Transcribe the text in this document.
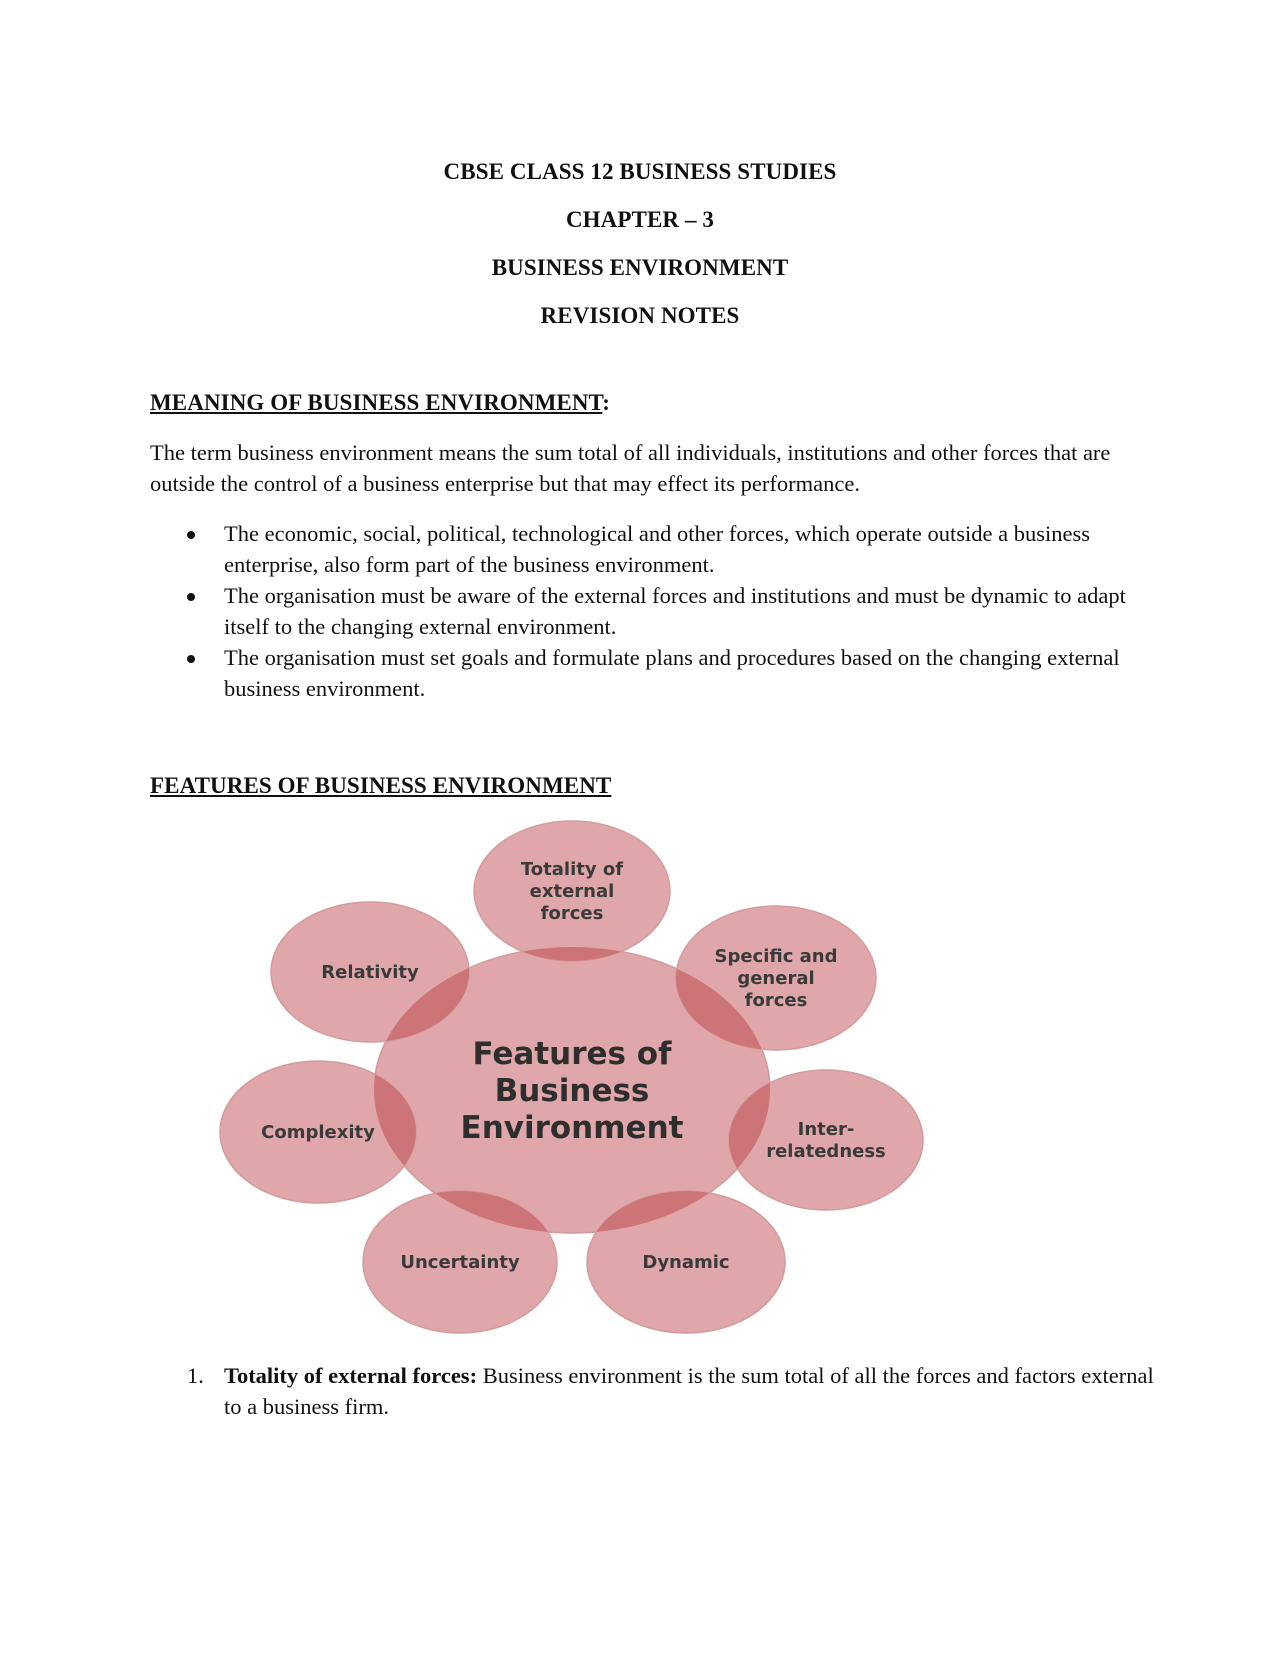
CBSE CLASS 12 BUSINESS STUDIES
CHAPTER – 3
BUSINESS ENVIRONMENT
REVISION NOTES
MEANING OF BUSINESS ENVIRONMENT:

The term business environment means the sum total of all individuals, institutions and other forces that are outside the control of a business enterprise but that may effect its performance.

The economic, social, political, technological and other forces, which operate outside a business enterprise, also form part of the business environment.
The organisation must be aware of the external forces and institutions and must be dynamic to adapt itself to the changing external environment.
The organisation must set goals and formulate plans and procedures based on the changing external business environment.
FEATURES OF BUSINESS ENVIRONMENT
Features of
Business
Environment
Totality of
external
forces
Specific and
general
forces
Inter-
relatedness
Dynamic
Uncertainty
Complexity
Relativity
1. Totality of external forces: Business environment is the sum total of all the forces and factors external to a business firm.
